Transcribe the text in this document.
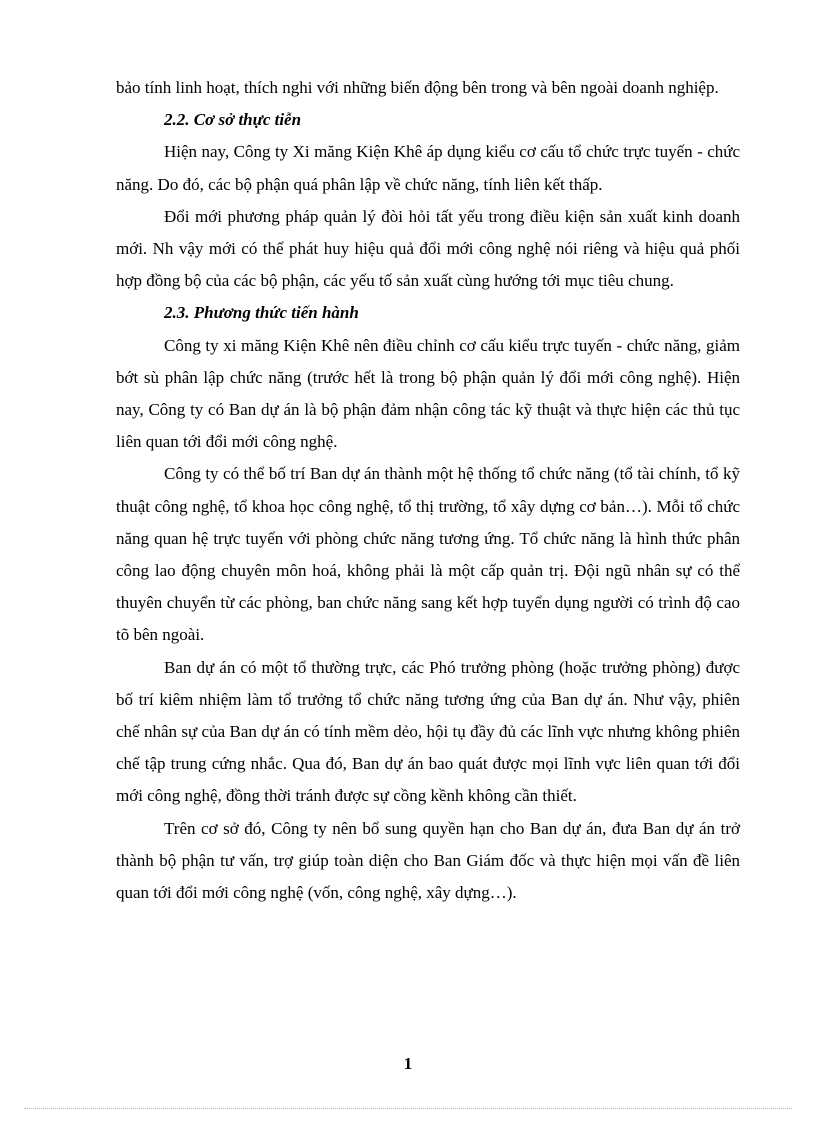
bảo tính linh hoạt, thích nghi với những biến động bên trong và bên ngoài doanh nghiệp.

2.2. Cơ sở thực tiễn

Hiện nay, Công ty Xi măng Kiện Khê áp dụng kiểu cơ cấu tổ chức trực tuyến - chức năng. Do đó, các bộ phận quá phân lập về chức năng, tính liên kết thấp.

Đổi mới phương pháp quản lý đòi hỏi tất yếu trong điều kiện sản xuất kinh doanh mới. Nh vậy mới có thể phát huy hiệu quả đổi mới công nghệ nói riêng và hiệu quả phối hợp đồng bộ của các bộ phận, các yếu tố sản xuất cùng hướng tới mục tiêu chung.

2.3. Phương thức tiến hành

Công ty xi măng Kiện Khê nên điều chỉnh cơ cấu kiểu trực tuyến - chức năng, giảm bớt sù phân lập chức năng (trước hết là trong bộ phận quản lý đổi mới công nghệ). Hiện nay, Công ty có Ban dự án là bộ phận đảm nhận công tác kỹ thuật và thực hiện các thủ tục liên quan tới đổi mới công nghệ.

Công ty có thể bố trí Ban dự án thành một hệ thống tổ chức năng (tổ tài chính, tổ kỹ thuật công nghệ, tổ khoa học công nghệ, tổ thị trường, tổ xây dựng cơ bản…). Mỗi tổ chức năng quan hệ trực tuyến với phòng chức năng tương ứng. Tổ chức năng là hình thức phân công lao động chuyên môn hoá, không phải là một cấp quản trị. Đội ngũ nhân sự có thể thuyên chuyển từ các phòng, ban chức năng sang kết hợp tuyển dụng người có trình độ cao tõ bên ngoài.

Ban dự án có một tổ thường trực, các Phó trưởng phòng (hoặc trưởng phòng) được bố trí kiêm nhiệm làm tổ trưởng tổ chức năng tương ứng của Ban dự án. Như vậy, phiên chế nhân sự của Ban dự án có tính mềm dẻo, hội tụ đầy đủ các lĩnh vực nhưng không phiên chế tập trung cứng nhắc. Qua đó, Ban dự án bao quát được mọi lĩnh vực liên quan tới đổi mới công nghệ, đồng thời tránh được sự cồng kềnh không cần thiết.

Trên cơ sở đó, Công ty nên bổ sung quyền hạn cho Ban dự án, đưa Ban dự án trở thành bộ phận tư vấn, trợ giúp toàn diện cho Ban Giám đốc và thực hiện mọi vấn đề liên quan tới đổi mới công nghệ (vốn, công nghệ, xây dựng…).

1
